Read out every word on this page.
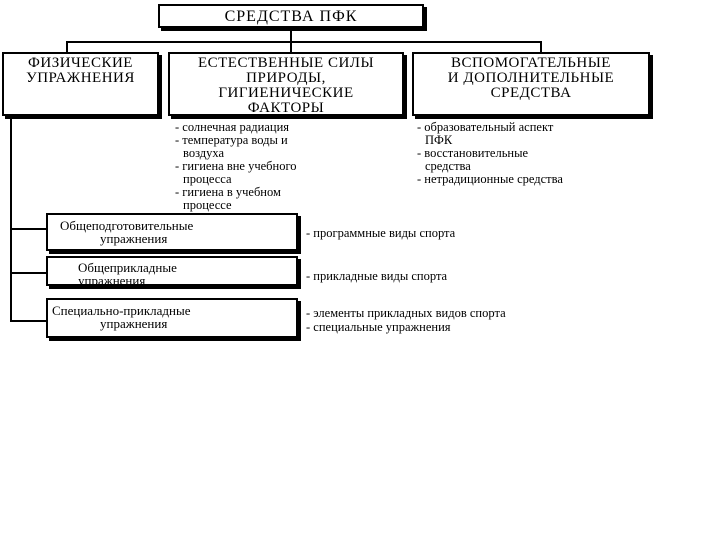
СРЕДСТВА ПФК
ФИЗИЧЕСКИЕ
УПРАЖНЕНИЯ
ЕСТЕСТВЕННЫЕ СИЛЫ
ПРИРОДЫ,
ГИГИЕНИЧЕСКИЕ
ФАКТОРЫ
ВСПОМОГАТЕЛЬНЫЕ
И ДОПОЛНИТЕЛЬНЫЕ
СРЕДСТВА
- солнечная радиация
- температура воды и
воздуха
- гигиена вне учебного
процесса
- гигиена в учебном
процессе
- образовательный аспект
ПФК
- восстановительные
средства
- нетрадиционные средства
Общеподготовительные
упражнения
Общеприкладные
упражнения
Специально-прикладные
упражнения
- программные виды спорта
- прикладные виды спорта
- элементы прикладных видов спорта
- специальные упражнения
